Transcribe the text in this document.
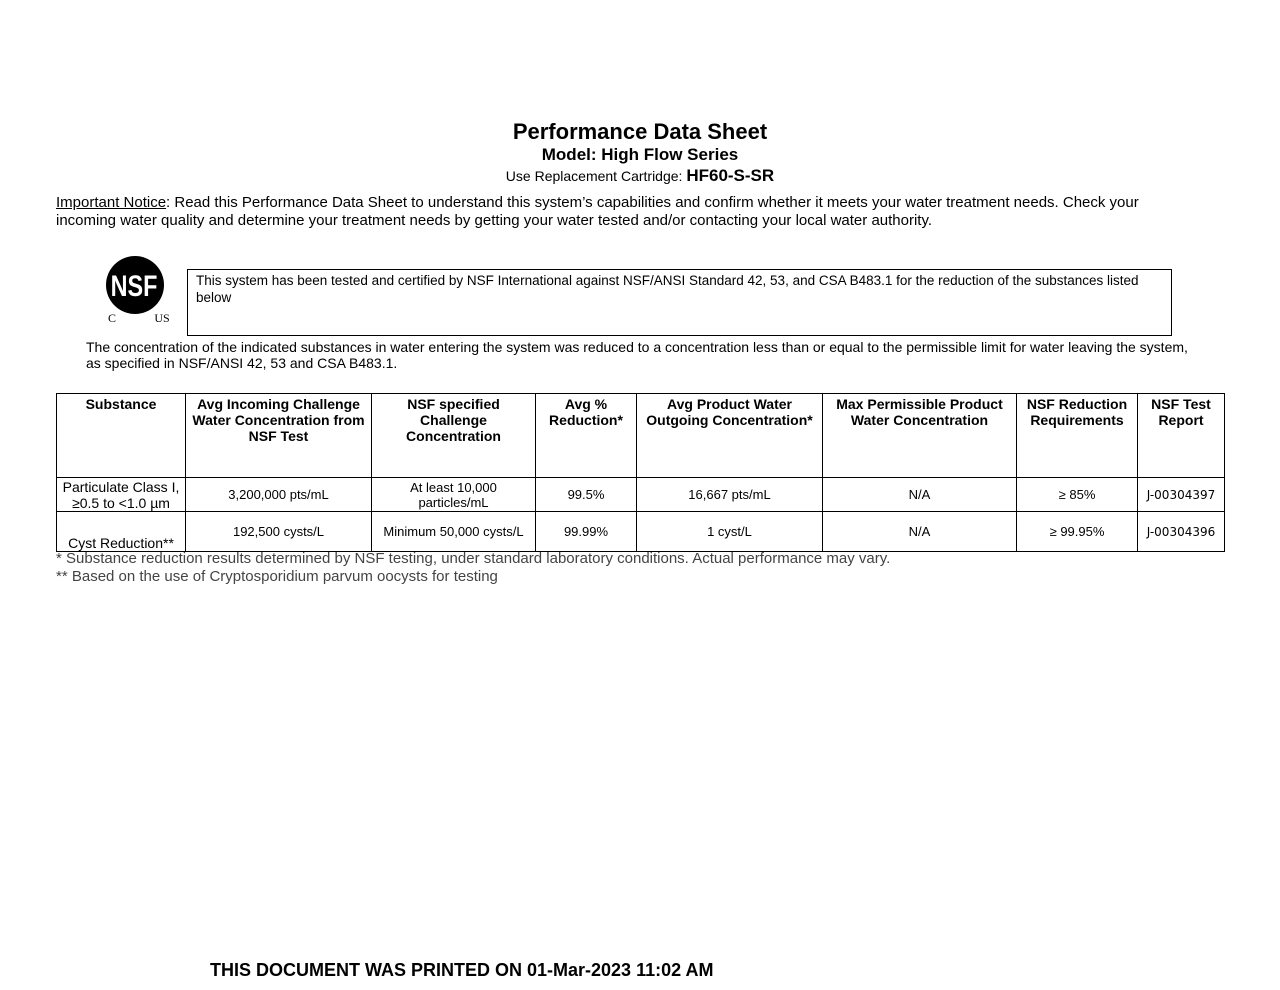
Performance Data Sheet
Model: High Flow Series
Use Replacement Cartridge: HF60-S-SR
Important Notice: Read this Performance Data Sheet to understand this system’s capabilities and confirm whether it meets your water treatment needs. Check your incoming water quality and determine your treatment needs by getting your water tested and/or contacting your local water authority.
NSF
C	US
This system has been tested and certified by NSF International against NSF/ANSI Standard 42, 53, and CSA B483.1 for the reduction of the substances listed below
The concentration of the indicated substances in water entering the system was reduced to a concentration less than or equal to the permissible limit for water leaving the system, as specified in NSF/ANSI 42, 53 and CSA B483.1.
Substance	Avg Incoming Challenge Water Concentration from NSF Test	NSF specified Challenge Concentration	Avg % Reduction*	Avg Product Water Outgoing Concentration*	Max Permissible Product Water Concentration	NSF Reduction Requirements	NSF Test Report
Particulate Class I, ≥0.5 to <1.0 µm	3,200,000 pts/mL	At least 10,000 particles/mL	99.5%	16,667 pts/mL	N/A	≥ 85%	J-00304397
Cyst Reduction**	192,500 cysts/L	Minimum 50,000 cysts/L	99.99%	1 cyst/L	N/A	≥ 99.95%	J-00304396
* Substance reduction results determined by NSF testing, under standard laboratory conditions. Actual performance may vary.
** Based on the use of Cryptosporidium parvum oocysts for testing
THIS DOCUMENT WAS PRINTED ON 01-Mar-2023 11:02 AM
